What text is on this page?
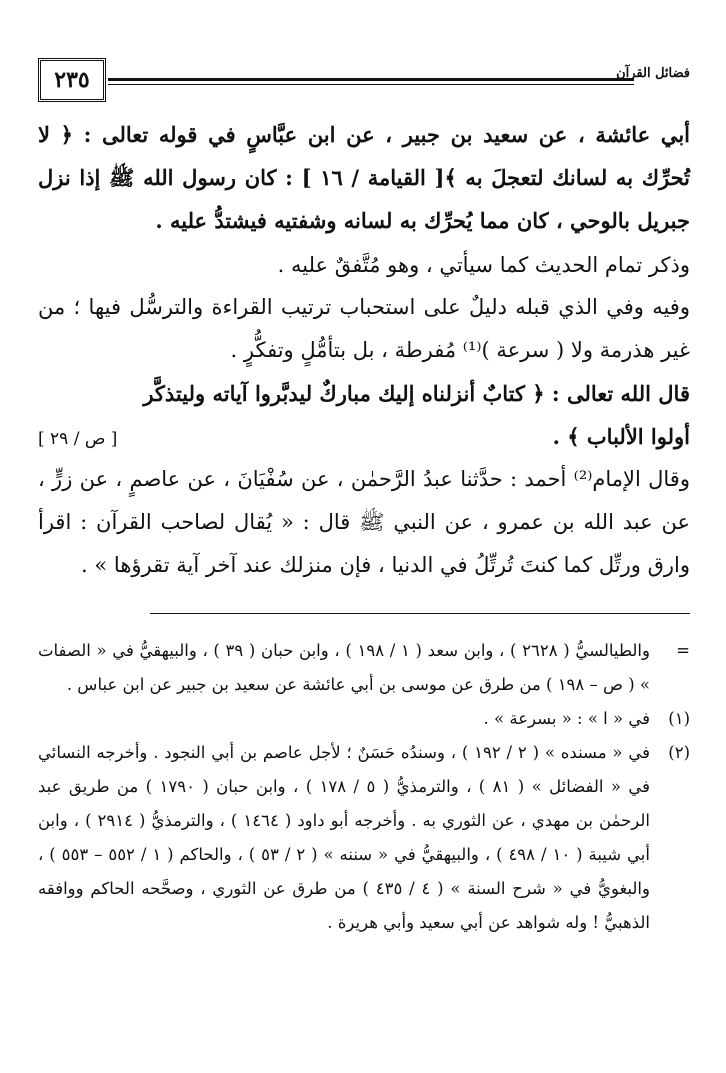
٢٣٥	فضائل القرآن
أبي عائشة ، عن سعيد بن جبير ، عن ابن عبَّاسٍ في قوله تعالى : ﴿ لا تُحرِّك به لسانك لتعجلَ به ﴾[ القيامة / ١٦ ] : كان رسول الله ﷺ إذا نزل جبريل بالوحي ، كان مما يُحرِّك به لسانه وشفتيه فيشتدُّ عليه .
وذكر تمام الحديث كما سيأتي ، وهو مُتَّفقٌ عليه .
وفيه وفي الذي قبله دليلٌ على استحباب ترتيب القراءة والترسُّل فيها ؛ من غير هذرمة ولا ( سرعة )⁽¹⁾ مُفرطة ، بل بتأمُّلٍ وتفكُّرٍ .
قال الله تعالى : ﴿ كتابٌ أنزلناه إليك مباركٌ ليدبَّروا آياته وليتذكَّر
أولوا الألباب ﴾ .
[ ص / ٢٩ ]
وقال الإمام⁽²⁾ أحمد : حدَّثنا عبدُ الرَّحمٰن ، عن سُفْيَانَ ، عن عاصمٍ ، عن زرٍّ ، عن عبد الله بن عمرو ، عن النبي ﷺ قال : « يُقال لصاحب القرآن : اقرأ وارق ورتِّل كما كنتَ تُرتِّلُ في الدنيا ، فإن منزلك عند آخر آية تقرؤها » .
=
والطيالسيُّ ( ٢٦٢٨ ) ، وابن سعد ( ١ / ١٩٨ ) ، وابن حبان ( ٣٩ ) ، والبيهقيُّ في « الصفات » ( ص – ١٩٨ ) من طرق عن موسى بن أبي عائشة عن سعيد بن جبير عن ابن عباس .
(١)
في « ا » : « بسرعة » .
(٢)
في « مسنده » ( ٢ / ١٩٢ ) ، وسندُه حَسَنٌ ؛ لأجل عاصم بن أبي النجود . وأخرجه النسائي في « الفضائل » ( ٨١ ) ، والترمذيُّ ( ٥ / ١٧٨ ) ، وابن حبان ( ١٧٩٠ ) من طريق عبد الرحمٰن بن مهدي ، عن الثوري به . وأخرجه أبو داود ( ١٤٦٤ ) ، والترمذيُّ ( ٢٩١٤ ) ، وابن أبي شيبة ( ١٠ / ٤٩٨ ) ، والبيهقيُّ في « سننه » ( ٢ / ٥٣ ) ، والحاكم ( ١ / ٥٥٢ – ٥٥٣ ) ، والبغويُّ في « شرح السنة » ( ٤ / ٤٣٥ ) من طرق عن الثوري ، وصحَّحه الحاكم ووافقه الذهبيُّ ! وله شواهد عن أبي سعيد وأبي هريرة .
